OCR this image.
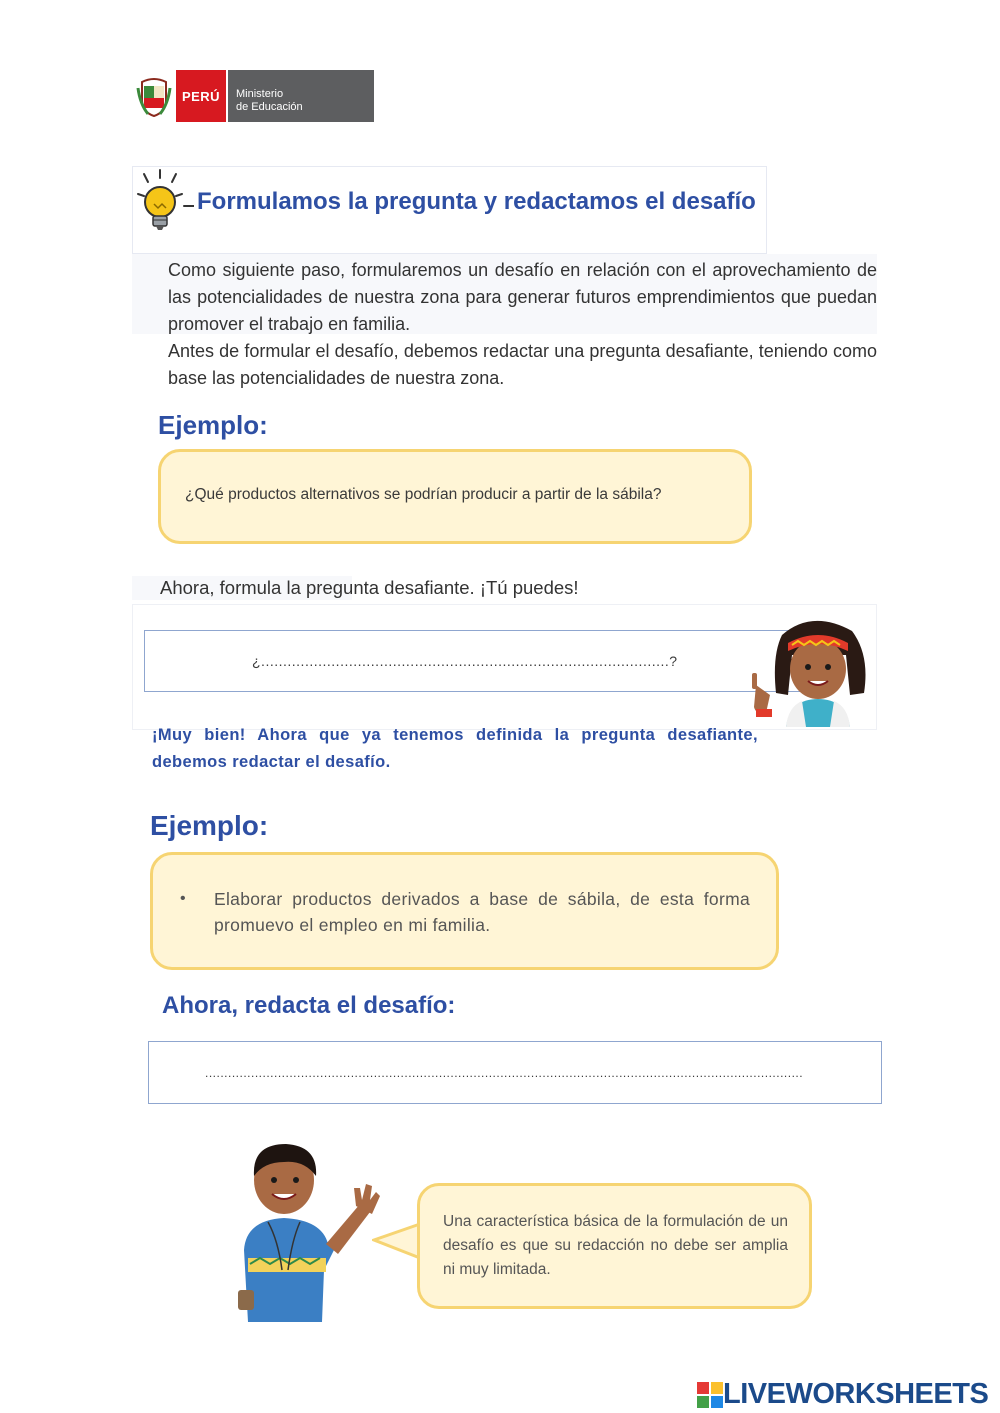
PERÚ	Ministerio
de Educación
Formulamos la pregunta y redactamos el desafío

Como siguiente paso, formularemos un desafío en relación con el aprovechamiento de las potencialidades de nuestra zona para generar futuros emprendimientos que puedan promover el trabajo en familia.

Antes de formular el desafío, debemos redactar una pregunta desafiante, teniendo como base las potencialidades de nuestra zona.

Ejemplo:
¿Qué productos alternativos se podrían producir a partir de la sábila?
Ahora, formula la pregunta desafiante. ¡Tú puedes!
¿.............................................................................................?
¡Muy bien! Ahora que ya tenemos definida la pregunta desafiante, debemos redactar el desafío.
Ejemplo:
• Elaborar productos derivados a base de sábila, de esta forma promuevo el empleo en mi familia.
Ahora, redacta el desafío:
............................................................................................................................................................
Una característica básica de la formulación de un desafío es que su redacción no debe ser amplia ni muy limitada.
LIVEWORKSHEETS
